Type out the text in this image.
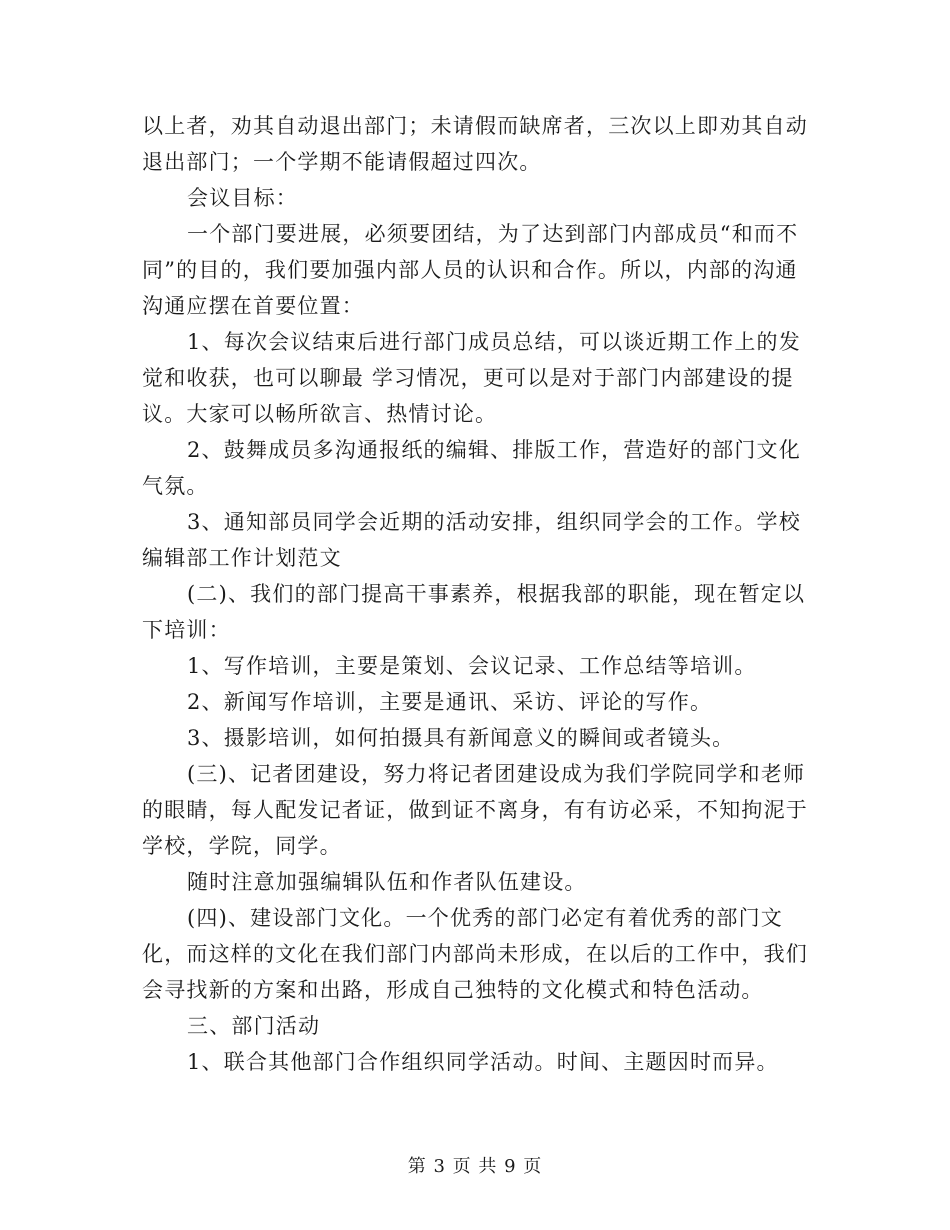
以上者，劝其自动退出部门；未请假而缺席者，三次以上即劝其自动退出部门；一个学期不能请假超过四次。

会议目标：

一个部门要进展，必须要团结，为了达到部门内部成员“和而不同”的目的，我们要加强内部人员的认识和合作。所以，内部的沟通沟通应摆在首要位置：

1、每次会议结束后进行部门成员总结，可以谈近期工作上的发觉和收获，也可以聊最 学习情况，更可以是对于部门内部建设的提议。大家可以畅所欲言、热情讨论。

2、鼓舞成员多沟通报纸的编辑、排版工作，营造好的部门文化气氛。

3、通知部员同学会近期的活动安排，组织同学会的工作。学校编辑部工作计划范文

(二)、我们的部门提高干事素养，根据我部的职能，现在暂定以下培训：

1、写作培训，主要是策划、会议记录、工作总结等培训。

2、新闻写作培训，主要是通讯、采访、评论的写作。

3、摄影培训，如何拍摄具有新闻意义的瞬间或者镜头。

(三)、记者团建设，努力将记者团建设成为我们学院同学和老师的眼睛，每人配发记者证，做到证不离身，有有访必采，不知拘泥于学校，学院，同学。

随时注意加强编辑队伍和作者队伍建设。

(四)、建设部门文化。一个优秀的部门必定有着优秀的部门文化，而这样的文化在我们部门内部尚未形成，在以后的工作中，我们会寻找新的方案和出路，形成自己独特的文化模式和特色活动。

三、部门活动

1、联合其他部门合作组织同学活动。时间、主题因时而异。

第 3 页 共 9 页
